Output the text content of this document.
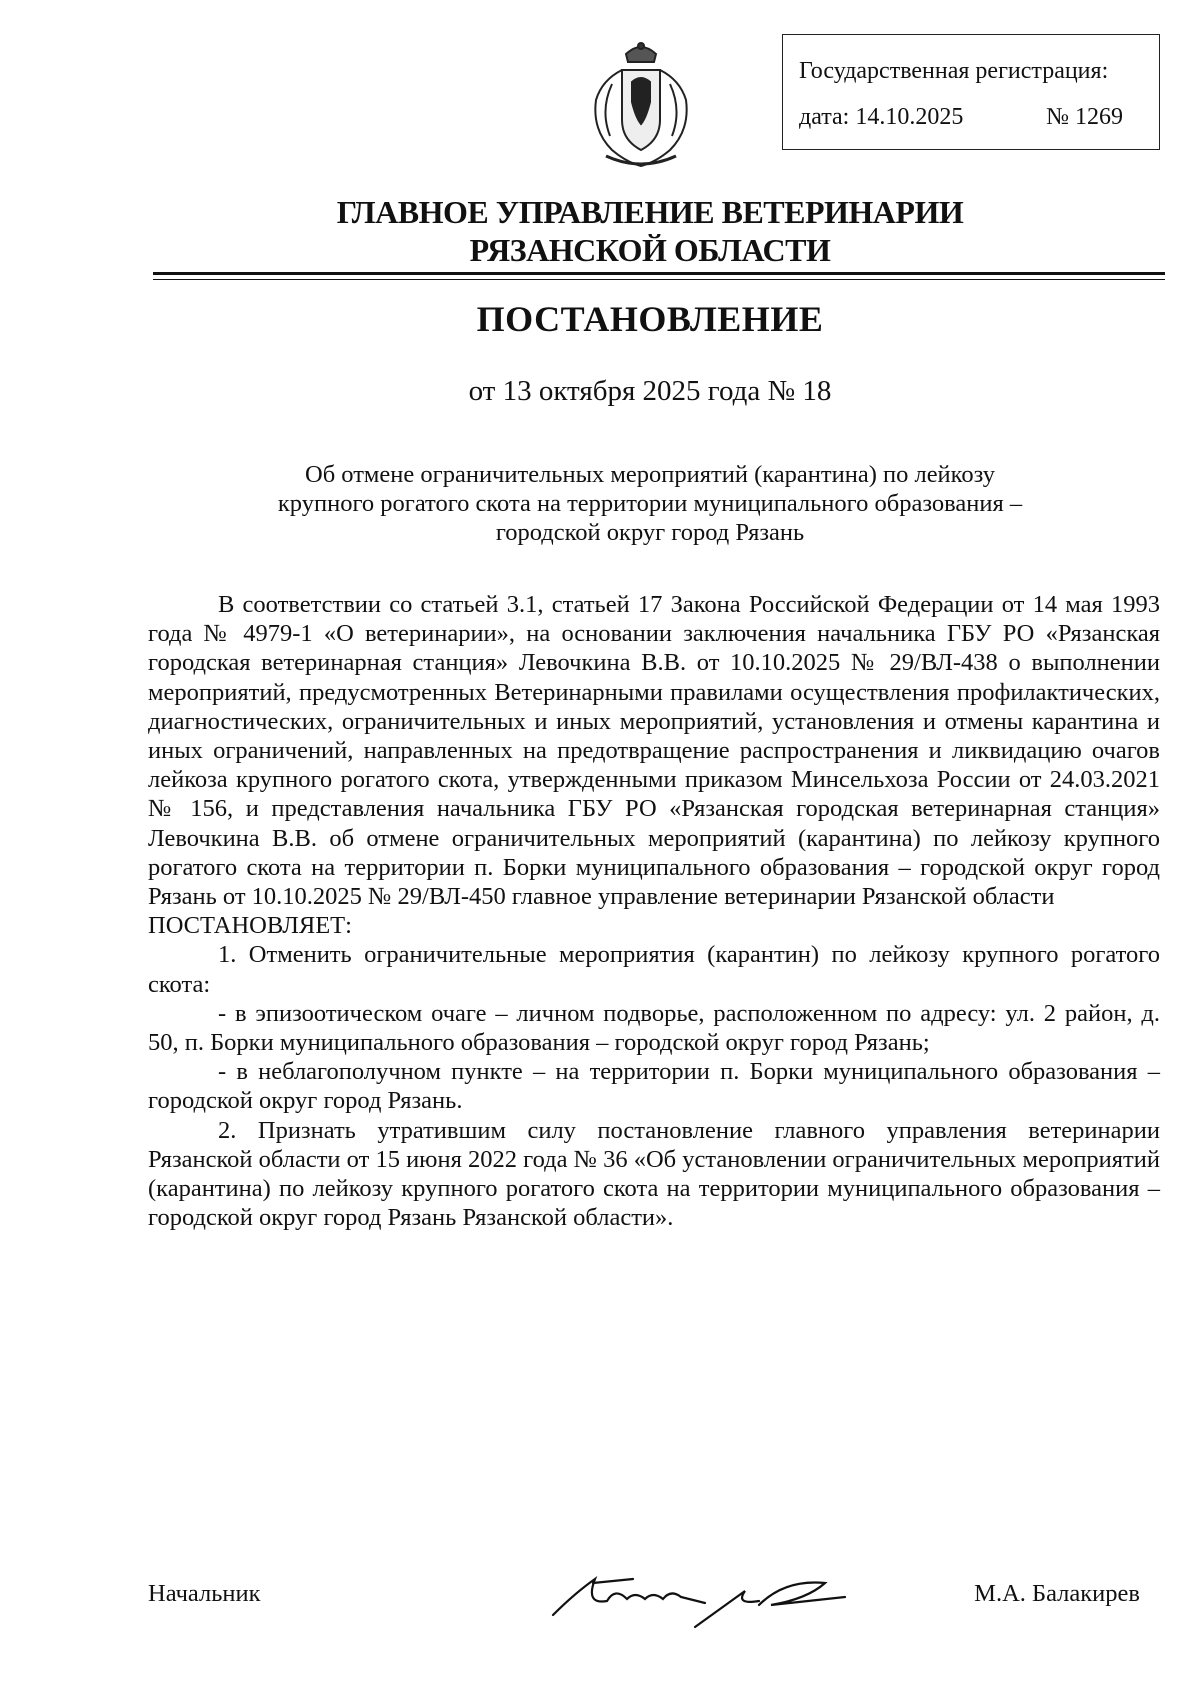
Государственная регистрация:
дата: 14.10.2025	№ 1269
ГЛАВНОЕ УПРАВЛЕНИЕ ВЕТЕРИНАРИИ
РЯЗАНСКОЙ ОБЛАСТИ
ПОСТАНОВЛЕНИЕ
от 13 октября 2025 года № 18
Об отмене ограничительных мероприятий (карантина) по лейкозу
крупного рогатого скота на территории муниципального образования –
городской округ город Рязань

В соответствии со статьей 3.1, статьей 17 Закона Российской Федерации от 14 мая 1993 года № 4979-1 «О ветеринарии», на основании заключения начальника ГБУ РО «Рязанская городская ветеринарная станция» Левочкина В.В. от 10.10.2025 № 29/ВЛ-438 о выполнении мероприятий, предусмотренных Ветеринарными правилами осуществления профилактических, диагностических, ограничительных и иных мероприятий, установления и отмены карантина и иных ограничений, направленных на предотвращение распространения и ликвидацию очагов лейкоза крупного рогатого скота, утвержденными приказом Минсельхоза России от 24.03.2021 № 156, и представления начальника ГБУ РО «Рязанская городская ветеринарная станция» Левочкина В.В. об отмене ограничительных мероприятий (карантина) по лейкозу крупного рогатого скота на территории п. Борки муниципального образования – городской округ город Рязань от 10.10.2025 № 29/ВЛ-450 главное управление ветеринарии Рязанской области

ПОСТАНОВЛЯЕТ:

1. Отменить ограничительные мероприятия (карантин) по лейкозу крупного рогатого скота:

- в эпизоотическом очаге – личном подворье, расположенном по адресу: ул. 2 район, д. 50, п. Борки муниципального образования – городской округ город Рязань;

- в неблагополучном пункте – на территории п. Борки муниципального образования – городской округ город Рязань.

2. Признать утратившим силу постановление главного управления ветеринарии Рязанской области от 15 июня 2022 года № 36 «Об установлении ограничительных мероприятий (карантина) по лейкозу крупного рогатого скота на территории муниципального образования – городской округ город Рязань Рязанской области».

Начальник	М.А. Балакирев
